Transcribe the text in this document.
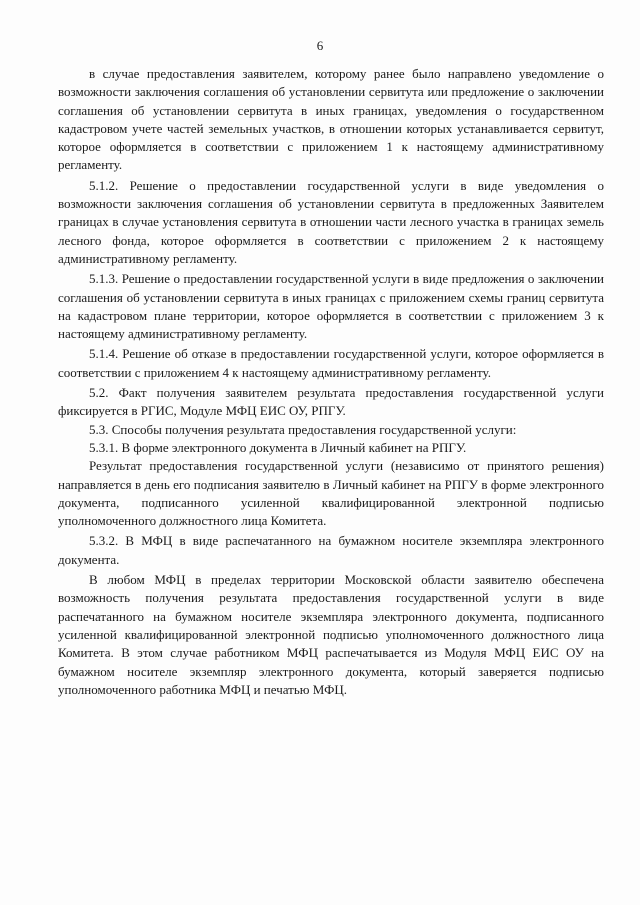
6

в случае предоставления заявителем, которому ранее было направлено уведомление о возможности заключения соглашения об установлении сервитута или предложение о заключении соглашения об установлении сервитута в иных границах, уведомления о государственном кадастровом учете частей земельных участков, в отношении которых устанавливается сервитут, которое оформляется в соответствии с приложением 1 к настоящему административному регламенту.

5.1.2. Решение о предоставлении государственной услуги в виде уведомления о возможности заключения соглашения об установлении сервитута в предложенных Заявителем границах в случае установления сервитута в отношении части лесного участка в границах земель лесного фонда, которое оформляется в соответствии с приложением 2 к настоящему административному регламенту.

5.1.3. Решение о предоставлении государственной услуги в виде предложения о заключении соглашения об установлении сервитута в иных границах с приложением схемы границ сервитута на кадастровом плане территории, которое оформляется в соответствии с приложением 3 к настоящему административному регламенту.

5.1.4. Решение об отказе в предоставлении государственной услуги, которое оформляется в соответствии с приложением 4 к настоящему административному регламенту.

5.2. Факт получения заявителем результата предоставления государственной услуги фиксируется в РГИС, Модуле МФЦ ЕИС ОУ, РПГУ.

5.3. Способы получения результата предоставления государственной услуги:

5.3.1. В форме электронного документа в Личный кабинет на РПГУ.

Результат предоставления государственной услуги (независимо от принятого решения) направляется в день его подписания заявителю в Личный кабинет на РПГУ в форме электронного документа, подписанного усиленной квалифицированной электронной подписью уполномоченного должностного лица Комитета.

5.3.2. В МФЦ в виде распечатанного на бумажном носителе экземпляра электронного документа.

В любом МФЦ в пределах территории Московской области заявителю обеспечена возможность получения результата предоставления государственной услуги в виде распечатанного на бумажном носителе экземпляра электронного документа, подписанного усиленной квалифицированной электронной подписью уполномоченного должностного лица Комитета. В этом случае работником МФЦ распечатывается из Модуля МФЦ ЕИС ОУ на бумажном носителе экземпляр электронного документа, который заверяется подписью уполномоченного работника МФЦ и печатью МФЦ.
